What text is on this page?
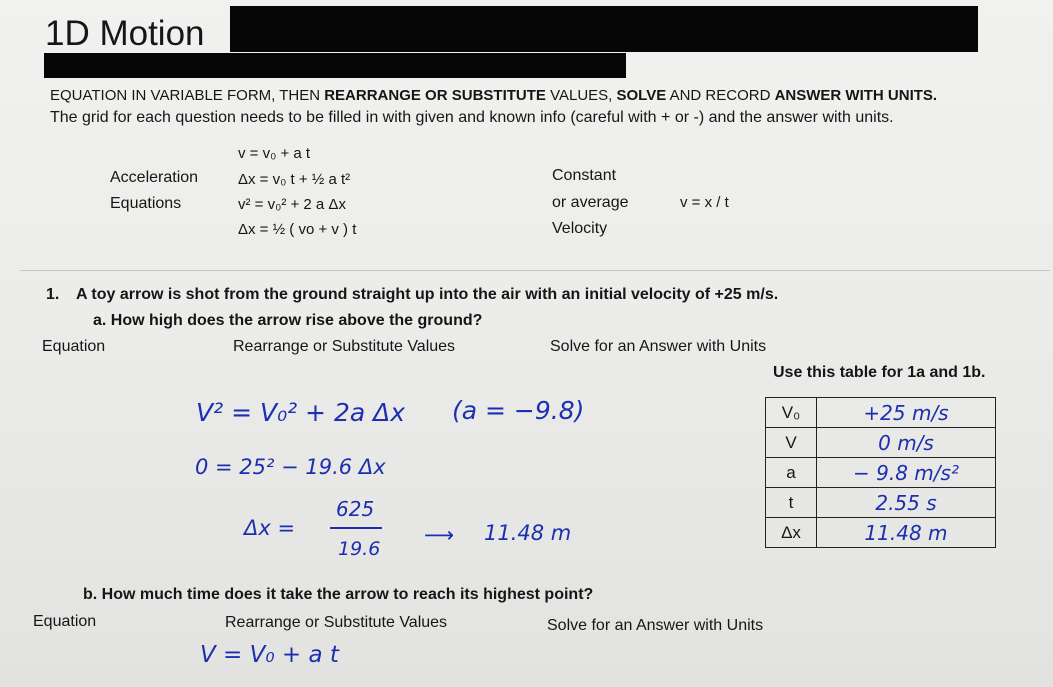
1D Motion
EQUATION IN VARIABLE FORM, THEN REARRANGE OR SUBSTITUTE VALUES, SOLVE AND RECORD ANSWER WITH UNITS.
The grid for each question needs to be filled in with given and known info (careful with + or -) and the answer with units.
v = v₀ + a t
Acceleration	Δx = v₀ t + ½ a t²
Equations	v² = v₀² + 2 a Δx
Δx = ½ ( vo + v ) t
Constant
or average
Velocity
v = x / t
1. A toy arrow is shot from the ground straight up into the air with an initial velocity of +25 m/s.
a. How high does the arrow rise above the ground?
Equation	Rearrange or Substitute Values	Solve for an Answer with Units
Use this table for 1a and 1b.
V² = V₀² + 2a Δx (a = −9.8)
0 = 25² − 19.6 Δx
Δx =
625
19.6
⟶ 11.48 m
V₀	+25 m/s
V	0 m/s
a	− 9.8 m/s²
t	2.55 s
Δx	11.48 m
b. How much time does it take the arrow to reach its highest point?
Equation	Rearrange or Substitute Values	Solve for an Answer with Units
V = V₀ + a t
